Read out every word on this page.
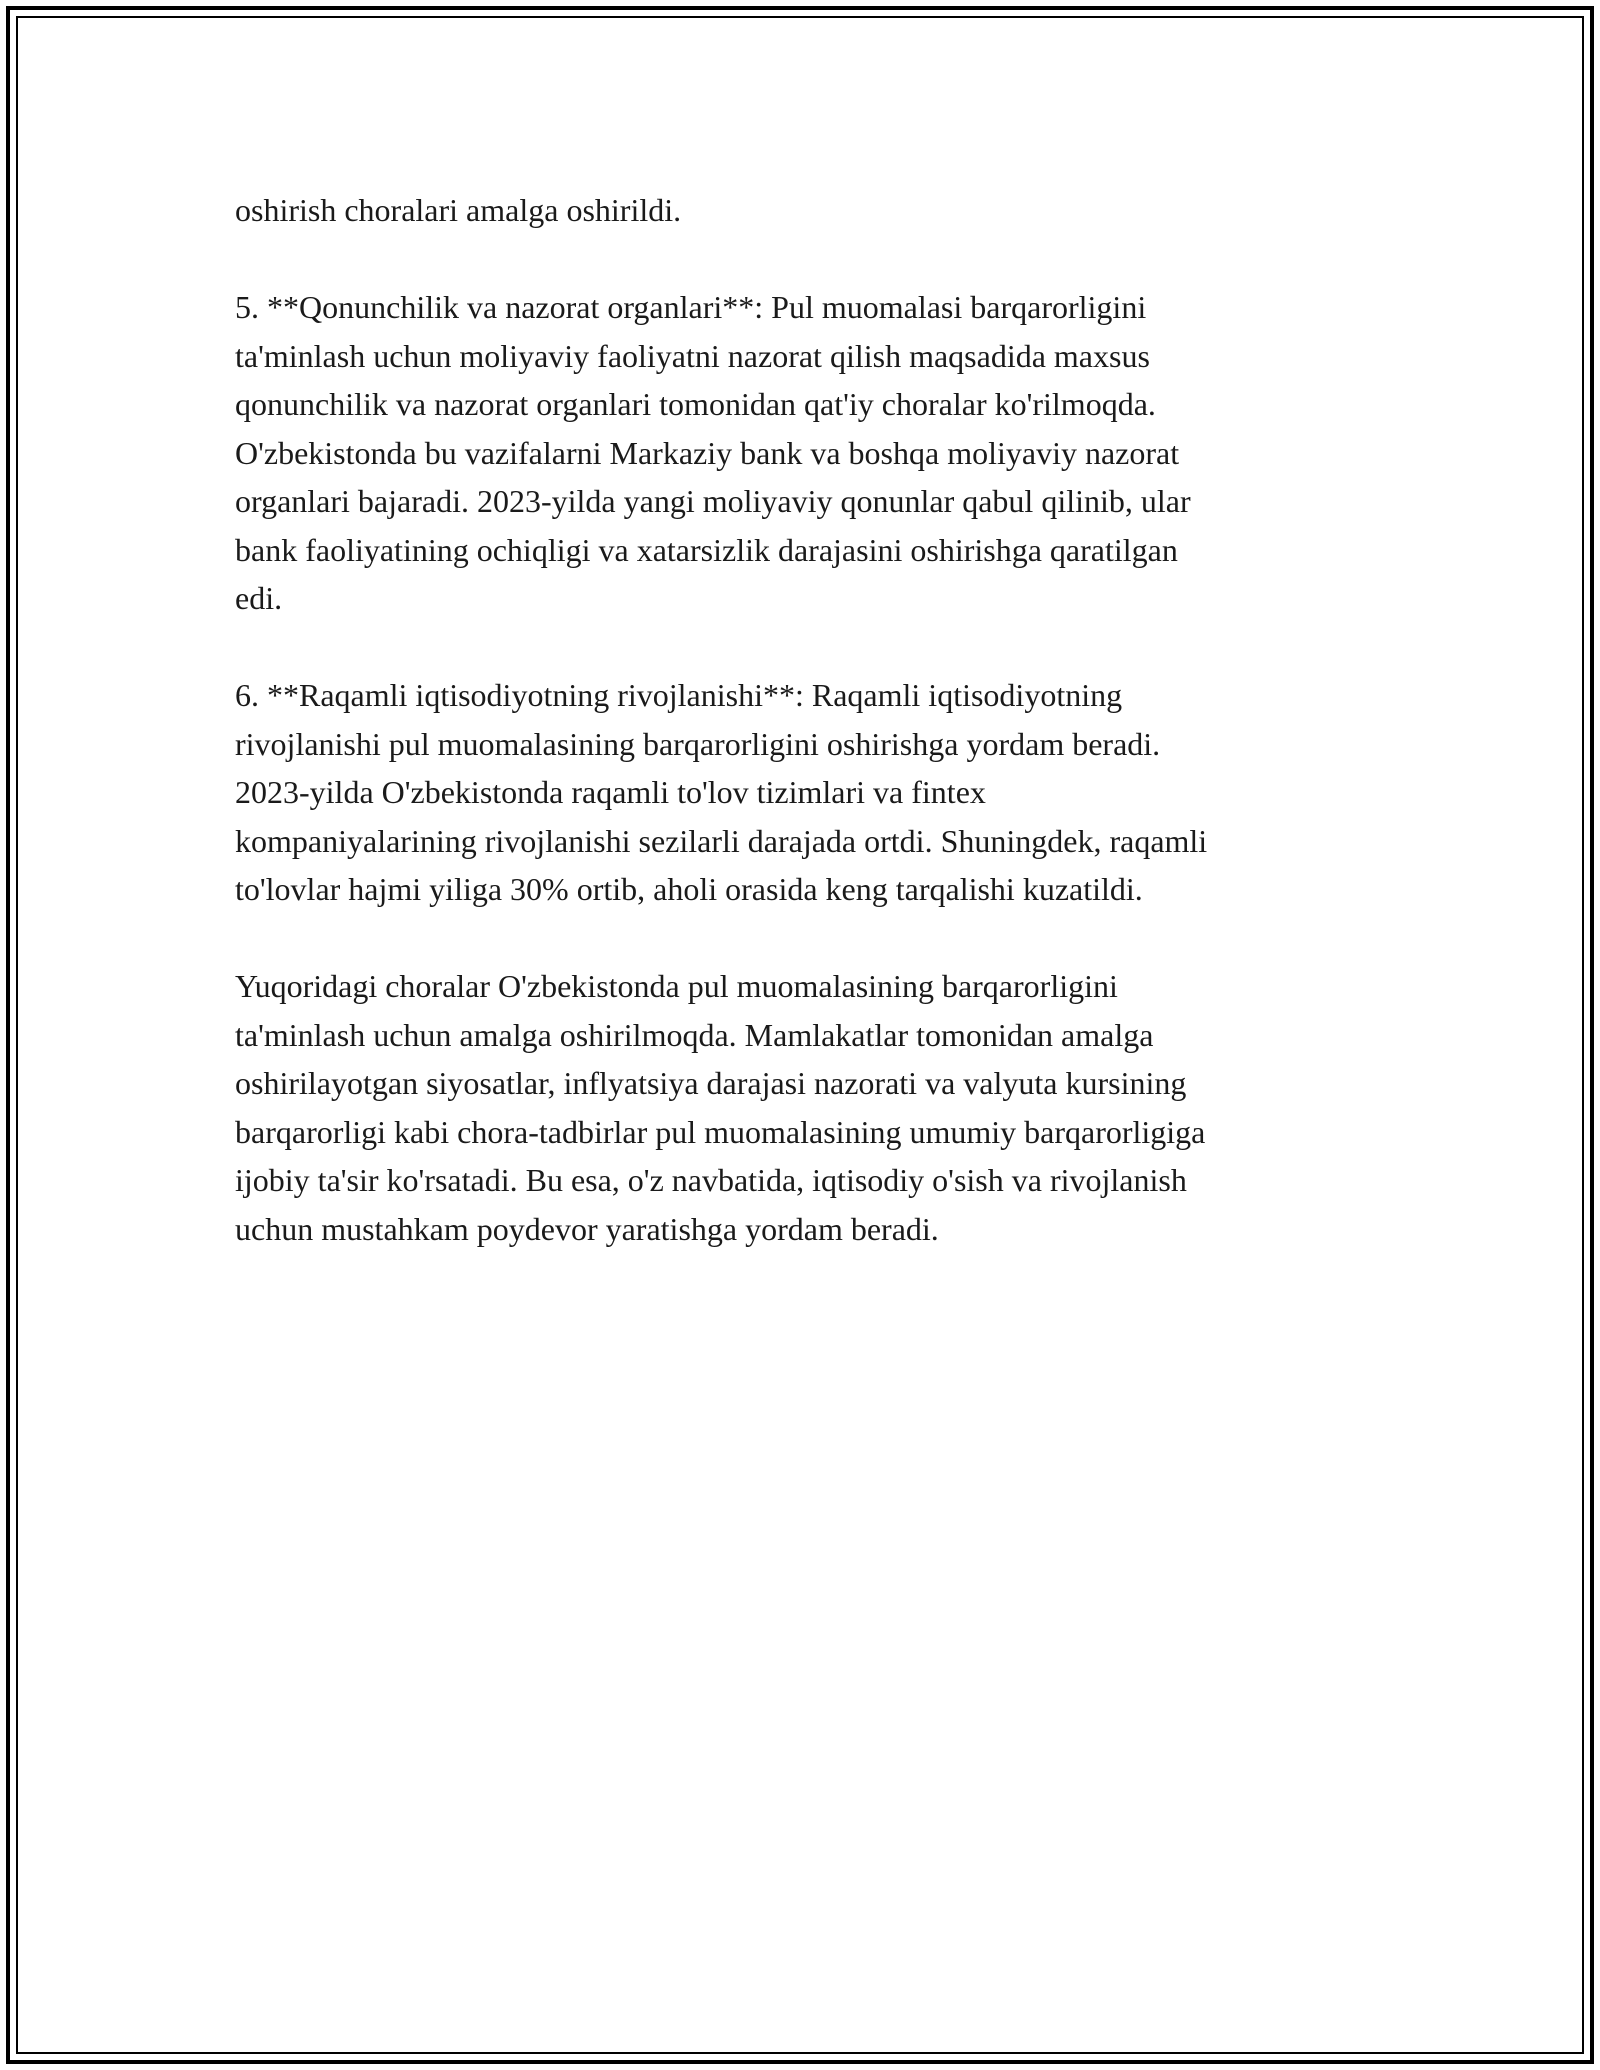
oshirish choralari amalga oshirildi.

5. **Qonunchilik va nazorat organlari**: Pul muomalasi barqarorligini
ta'minlash uchun moliyaviy faoliyatni nazorat qilish maqsadida maxsus
qonunchilik va nazorat organlari tomonidan qat'iy choralar ko'rilmoqda.
O'zbekistonda bu vazifalarni Markaziy bank va boshqa moliyaviy nazorat
organlari bajaradi. 2023-yilda yangi moliyaviy qonunlar qabul qilinib, ular
bank faoliyatining ochiqligi va xatarsizlik darajasini oshirishga qaratilgan
edi.

6. **Raqamli iqtisodiyotning rivojlanishi**: Raqamli iqtisodiyotning
rivojlanishi pul muomalasining barqarorligini oshirishga yordam beradi.
2023-yilda O'zbekistonda raqamli to'lov tizimlari va fintex
kompaniyalarining rivojlanishi sezilarli darajada ortdi. Shuningdek, raqamli
to'lovlar hajmi yiliga 30% ortib, aholi orasida keng tarqalishi kuzatildi.

Yuqoridagi choralar O'zbekistonda pul muomalasining barqarorligini
ta'minlash uchun amalga oshirilmoqda. Mamlakatlar tomonidan amalga
oshirilayotgan siyosatlar, inflyatsiya darajasi nazorati va valyuta kursining
barqarorligi kabi chora-tadbirlar pul muomalasining umumiy barqarorligiga
ijobiy ta'sir ko'rsatadi. Bu esa, o'z navbatida, iqtisodiy o'sish va rivojlanish
uchun mustahkam poydevor yaratishga yordam beradi.
